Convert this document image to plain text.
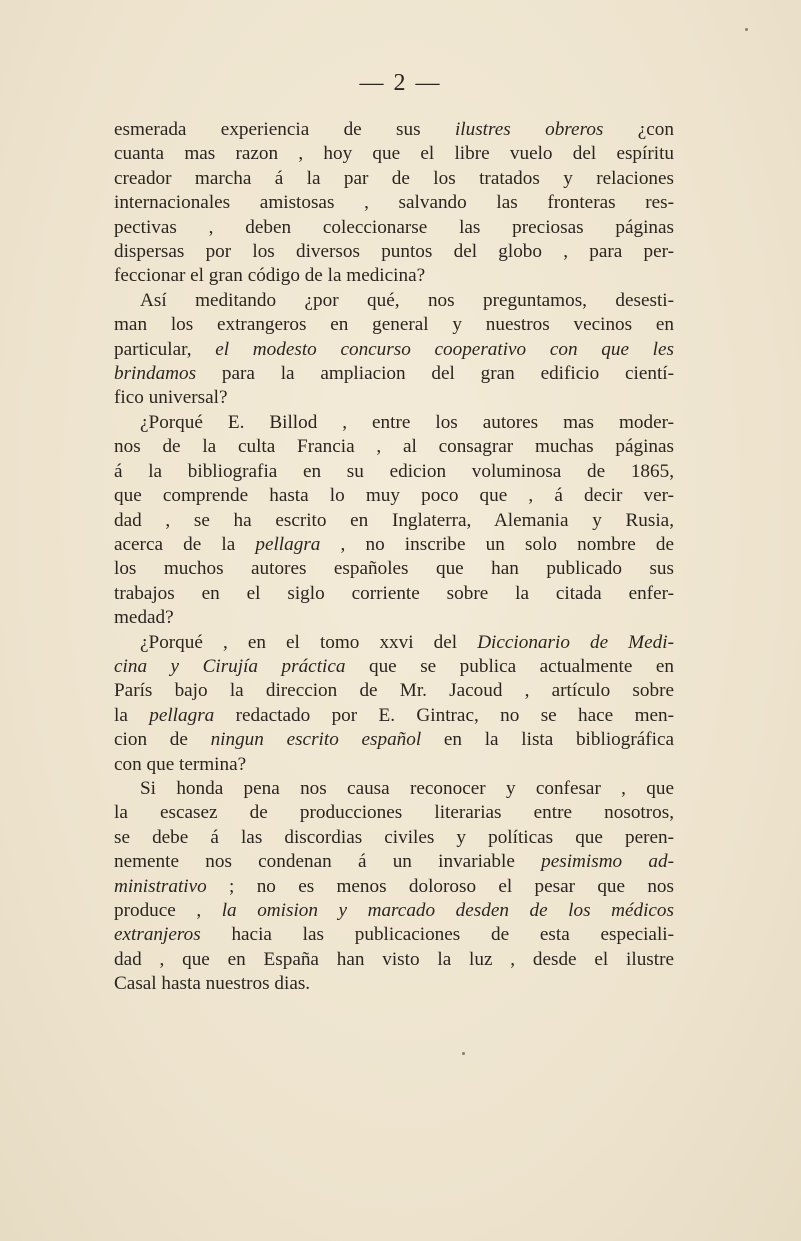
— 2 —

esmerada experiencia de sus ilustres obreros ¿con

cuanta mas razon , hoy que el libre vuelo del espíritu

creador marcha á la par de los tratados y relaciones

internacionales amistosas , salvando las fronteras res-

pectivas , deben coleccionarse las preciosas páginas

dispersas por los diversos puntos del globo , para per-

feccionar el gran código de la medicina?

Así meditando ¿por qué, nos preguntamos, desesti-

man los extrangeros en general y nuestros vecinos en

particular, el modesto concurso cooperativo con que les

brindamos para la ampliacion del gran edificio cientí-

fico universal?

¿Porqué E. Billod , entre los autores mas moder-

nos de la culta Francia , al consagrar muchas páginas

á la bibliografia en su edicion voluminosa de 1865,

que comprende hasta lo muy poco que , á decir ver-

dad , se ha escrito en Inglaterra, Alemania y Rusia,

acerca de la pellagra , no inscribe un solo nombre de

los muchos autores españoles que han publicado sus

trabajos en el siglo corriente sobre la citada enfer-

medad?

¿Porqué , en el tomo xxvi del Diccionario de Medi-

cina y Cirujía práctica que se publica actualmente en

París bajo la direccion de Mr. Jacoud , artículo sobre

la pellagra redactado por E. Gintrac, no se hace men-

cion de ningun escrito español en la lista bibliográfica

con que termina?

Si honda pena nos causa reconocer y confesar , que

la escasez de producciones literarias entre nosotros,

se debe á las discordias civiles y políticas que peren-

nemente nos condenan á un invariable pesimismo ad-

ministrativo ; no es menos doloroso el pesar que nos

produce , la omision y marcado desden de los médicos

extranjeros hacia las publicaciones de esta especiali-

dad , que en España han visto la luz , desde el ilustre

Casal hasta nuestros dias.
